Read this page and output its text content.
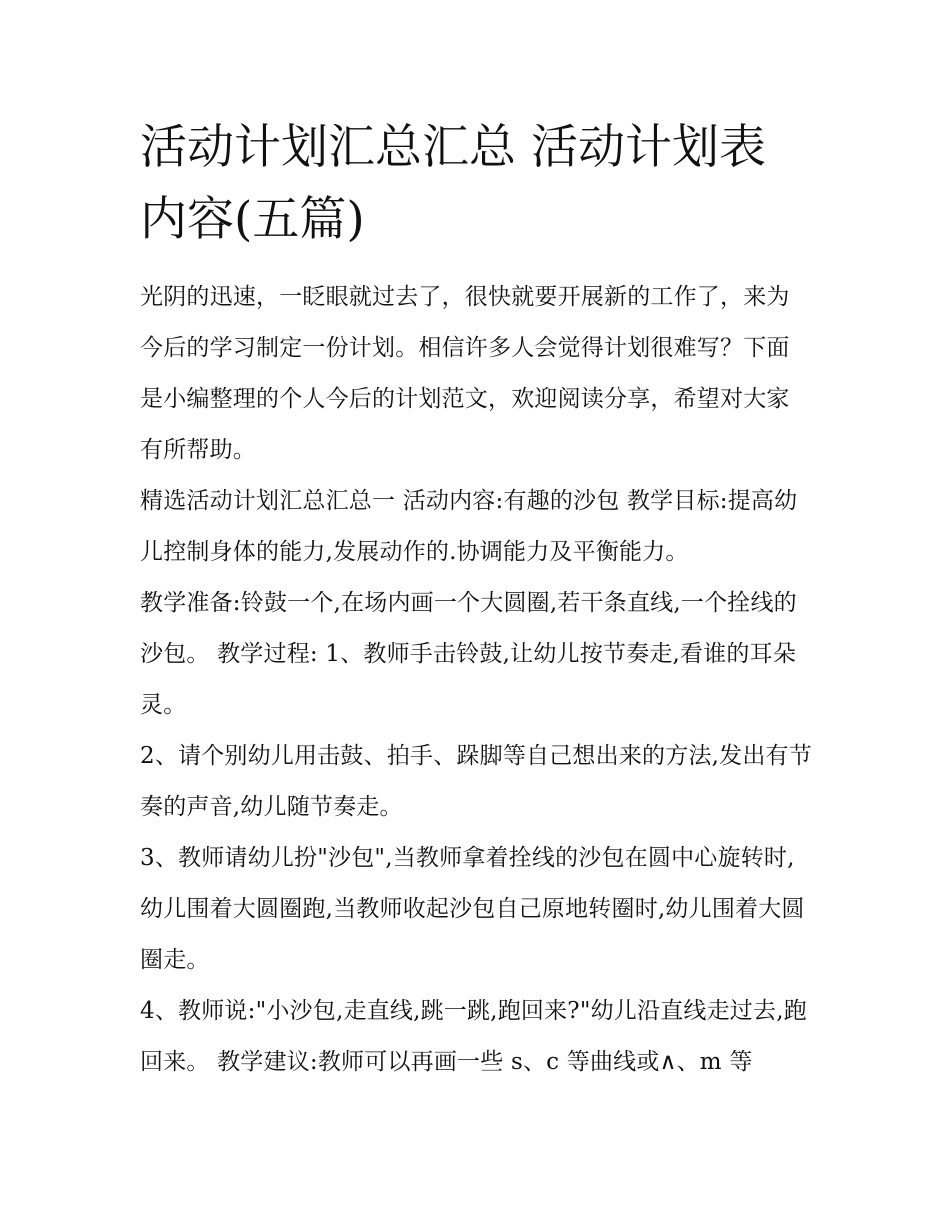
活动计划汇总汇总 活动计划表内容(五篇)

光阴的迅速，一眨眼就过去了，很快就要开展新的工作了，来为今后的学习制定一份计划。相信许多人会觉得计划很难写？下面是小编整理的个人今后的计划范文，欢迎阅读分享，希望对大家有所帮助。

精选活动计划汇总汇总一 活动内容:有趣的沙包 教学目标:提高幼儿控制身体的能力,发展动作的.协调能力及平衡能力。

教学准备:铃鼓一个,在场内画一个大圆圈,若干条直线,一个拴线的沙包。 教学过程: 1、教师手击铃鼓,让幼儿按节奏走,看谁的耳朵灵。

2、请个别幼儿用击鼓、拍手、跺脚等自己想出来的方法,发出有节奏的声音,幼儿随节奏走。

3、教师请幼儿扮"沙包",当教师拿着拴线的沙包在圆中心旋转时,幼儿围着大圆圈跑,当教师收起沙包自己原地转圈时,幼儿围着大圆圈走。

4、教师说:"小沙包,走直线,跳一跳,跑回来?"幼儿沿直线走过去,跑回来。 教学建议:教师可以再画一些 s、c 等曲线或∧、m 等
